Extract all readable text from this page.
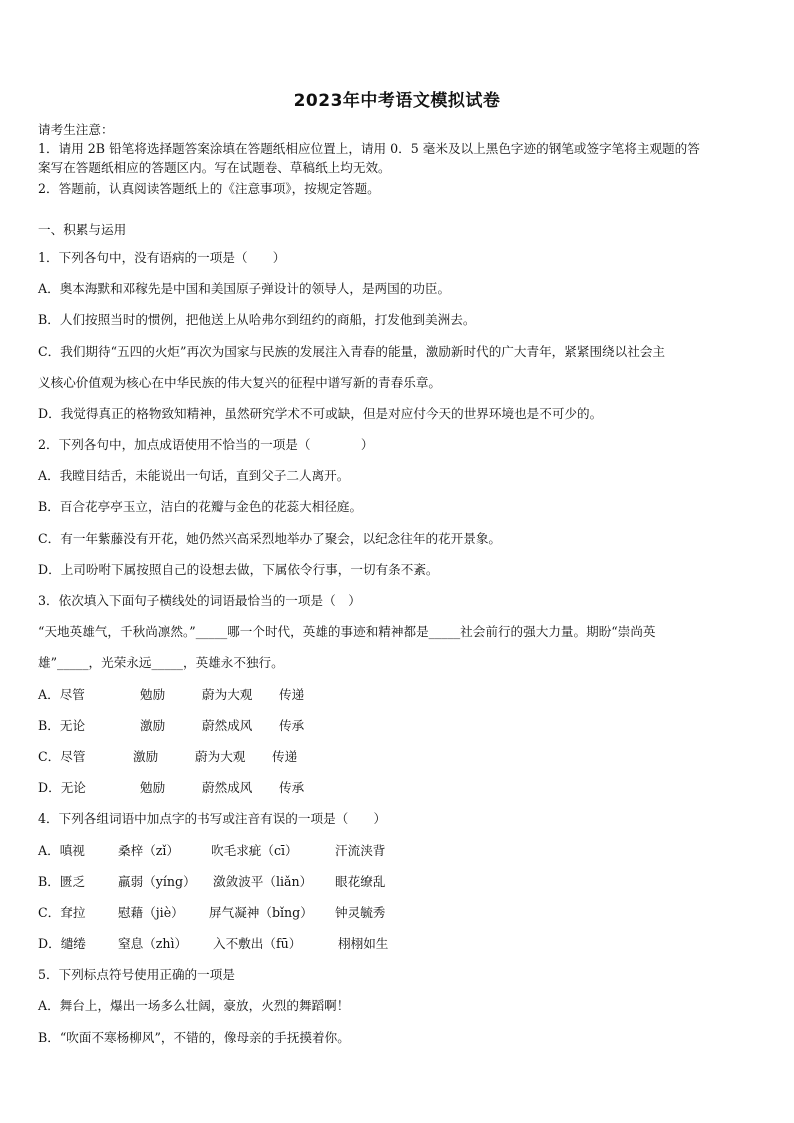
2023年中考语文模拟试卷
请考生注意：
1．请用 2B 铅笔将选择题答案涂填在答题纸相应位置上，请用 0．5 毫米及以上黑色字迹的钢笔或签字笔将主观题的答
案写在答题纸相应的答题区内。写在试题卷、草稿纸上均无效。
2．答题前，认真阅读答题纸上的《注意事项》，按规定答题。
一、积累与运用
1．下列各句中，没有语病的一项是（　　）
A．奥本海默和邓稼先是中国和美国原子弹设计的领导人，是两国的功臣。
B．人们按照当时的惯例，把他送上从哈弗尔到纽约的商船，打发他到美洲去。
C．我们期待“五四的火炬”再次为国家与民族的发展注入青春的能量，激励新时代的广大青年，紧紧围绕以社会主
义核心价值观为核心在中华民族的伟大复兴的征程中谱写新的青春乐章。
D．我觉得真正的格物致知精神，虽然研究学术不可或缺，但是对应付今天的世界环境也是不可少的。
2．下列各句中，加点成语使用不恰当的一项是（　　　　）
A．我瞠目结舌，未能说出一句话，直到父子二人离开。
B．百合花亭亭玉立，洁白的花瓣与金色的花蕊大相径庭。
C．有一年紫藤没有开花，她仍然兴高采烈地举办了聚会，以纪念往年的花开景象。
D．上司吩咐下属按照自己的设想去做，下属依令行事，一切有条不紊。
3．依次填入下面句子横线处的词语最恰当的一项是（　）
“天地英雄气，千秋尚凛然。”_____哪一个时代，英雄的事迹和精神都是_____社会前行的强大力量。期盼“崇尚英
雄”_____，光荣永远_____，英雄永不独行。
A．尽管	勉励	蔚为大观 传递
B．无论	激励	蔚然成风 传承
C．尽管	激励	蔚为大观 传递
D．无论	勉励	蔚然成风 传承
4．下列各组词语中加点字的书写或注音有误的一项是（　　）
A．嗔视	桑梓（zǐ）	吹毛求疵（cī）	汗流浃背
B．匮乏	羸弱（yíng） 潋敛波平（liǎn） 眼花缭乱
C．耷拉	慰藉（jiè） 屏气凝神（bǐng） 钟灵毓秀
D．缱绻	窒息（zhì） 入不敷出（fū）	栩栩如生
5．下列标点符号使用正确的一项是
A．舞台上，爆出一场多么壮阔，豪放，火烈的舞蹈啊！
B．“吹面不寒杨柳风”，不错的，像母亲的手抚摸着你。
